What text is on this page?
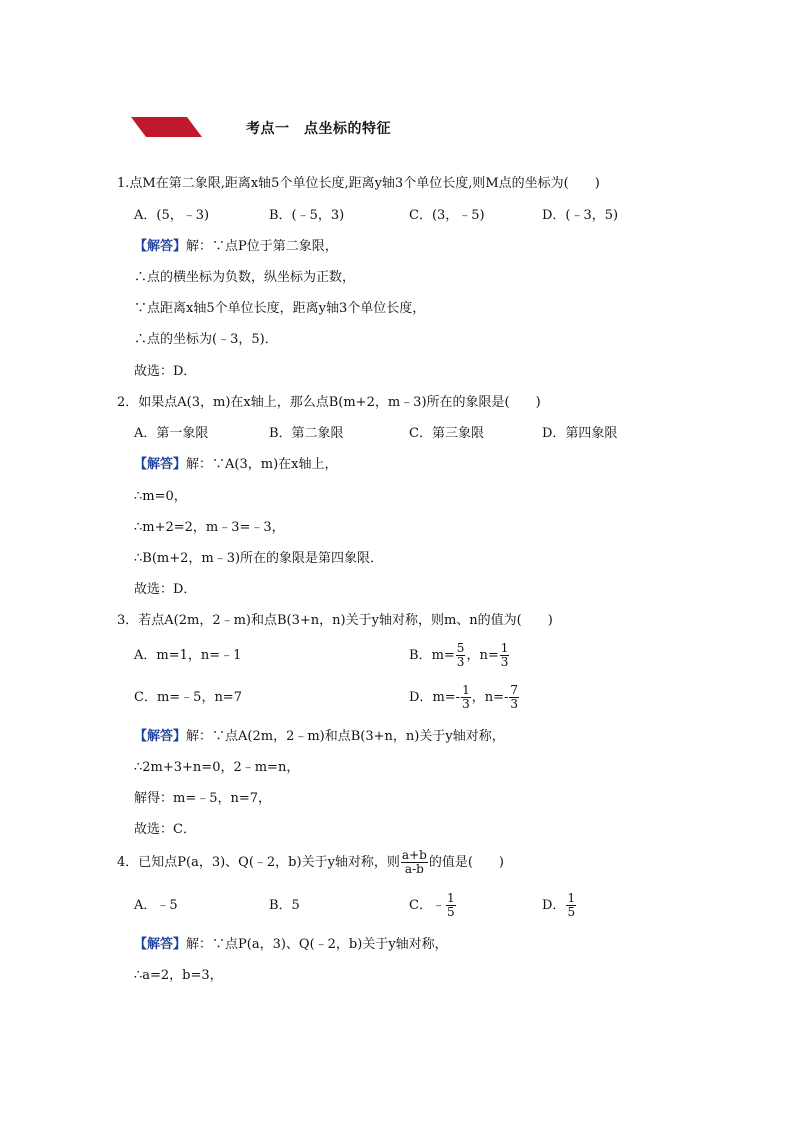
考点一　点坐标的特征
1.点M在第二象限,距离x轴5个单位长度,距离y轴3个单位长度,则M点的坐标为(　　)
A．(5，﹣3)	B．(﹣5，3)	C．(3，﹣5)	D．(﹣3，5)
【解答】解：∵点P位于第二象限，
∴点的横坐标为负数，纵坐标为正数，
∵点距离x轴5个单位长度，距离y轴3个单位长度，
∴点的坐标为(﹣3，5)．
故选：D．
2．如果点A(3，m)在x轴上，那么点B(m+2，m﹣3)所在的象限是(　　)
A．第一象限	B．第二象限	C．第三象限	D．第四象限
【解答】解：∵A(3，m)在x轴上，
∴m=0，
∴m+2=2，m﹣3=﹣3，
∴B(m+2，m﹣3)所在的象限是第四象限．
故选：D．
3．若点A(2m，2﹣m)和点B(3+n，n)关于y轴对称，则m、n的值为(　　)
A．m=1，n=﹣1	B．$m= \frac{5}{3}$ ，$n= \frac{1}{3}$
C．m=﹣5，n=7	D．$m=- \frac{1}{3}$ ，$n=- \frac{7}{3}$
【解答】解：∵点A(2m，2﹣m)和点B(3+n，n)关于y轴对称，
∴2m+3+n=0，2﹣m=n，
解得：m=﹣5，n=7，
故选：C．
4．已知点P(a，3)、Q(﹣2，b)关于y轴对称，则 $\frac{a+b}{a-b}$ 的值是(　　)
A．﹣5	B．5	C．﹣ $\frac{1}{5}$	D． $\frac{1}{5}$
【解答】解：∵点P(a，3)、Q(﹣2，b)关于y轴对称，
∴a=2，b=3，
